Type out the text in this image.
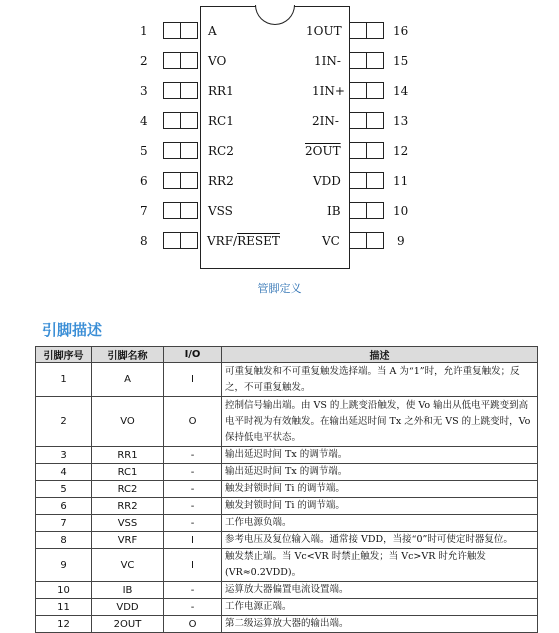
1	A
2	VO
3	RR1
4	RC1
5	RC2
6	RR2
7	VSS
8	VRF/RESET
1OUT	16
1IN-	15
1IN+	14
2IN-	13
2OUT	12
VDD	11
IB	10
VC	9
管脚定义
引脚描述
引脚序号	引脚名称	I/O	描述
1	A	I	可重复触发和不可重复触发选择端。当 A 为“1”时，允许重复触发；反之，不可重复触发。
2	VO	O	控制信号输出端。由 VS 的上跳变沿触发，使 Vo 输出从低电平跳变到高电平时视为有效触发。在输出延迟时间 Tx 之外和无 VS 的上跳变时，Vo 保持低电平状态。
3	RR1	-	输出延迟时间 Tx 的调节端。
4	RC1	-	输出延迟时间 Tx 的调节端。
5	RC2	-	触发封锁时间 Ti 的调节端。
6	RR2	-	触发封锁时间 Ti 的调节端。
7	VSS	-	工作电源负端。
8	VRF	I	参考电压及复位输入端。通常接 VDD，当接“0”时可使定时器复位。
9	VC	I	触发禁止端。当 Vc<VR 时禁止触发；当 Vc>VR 时允许触发(VR≈0.2VDD)。
10	IB	-	运算放大器偏置电流设置端。
11	VDD	-	工作电源正端。
12	2OUT	O	第二级运算放大器的输出端。
